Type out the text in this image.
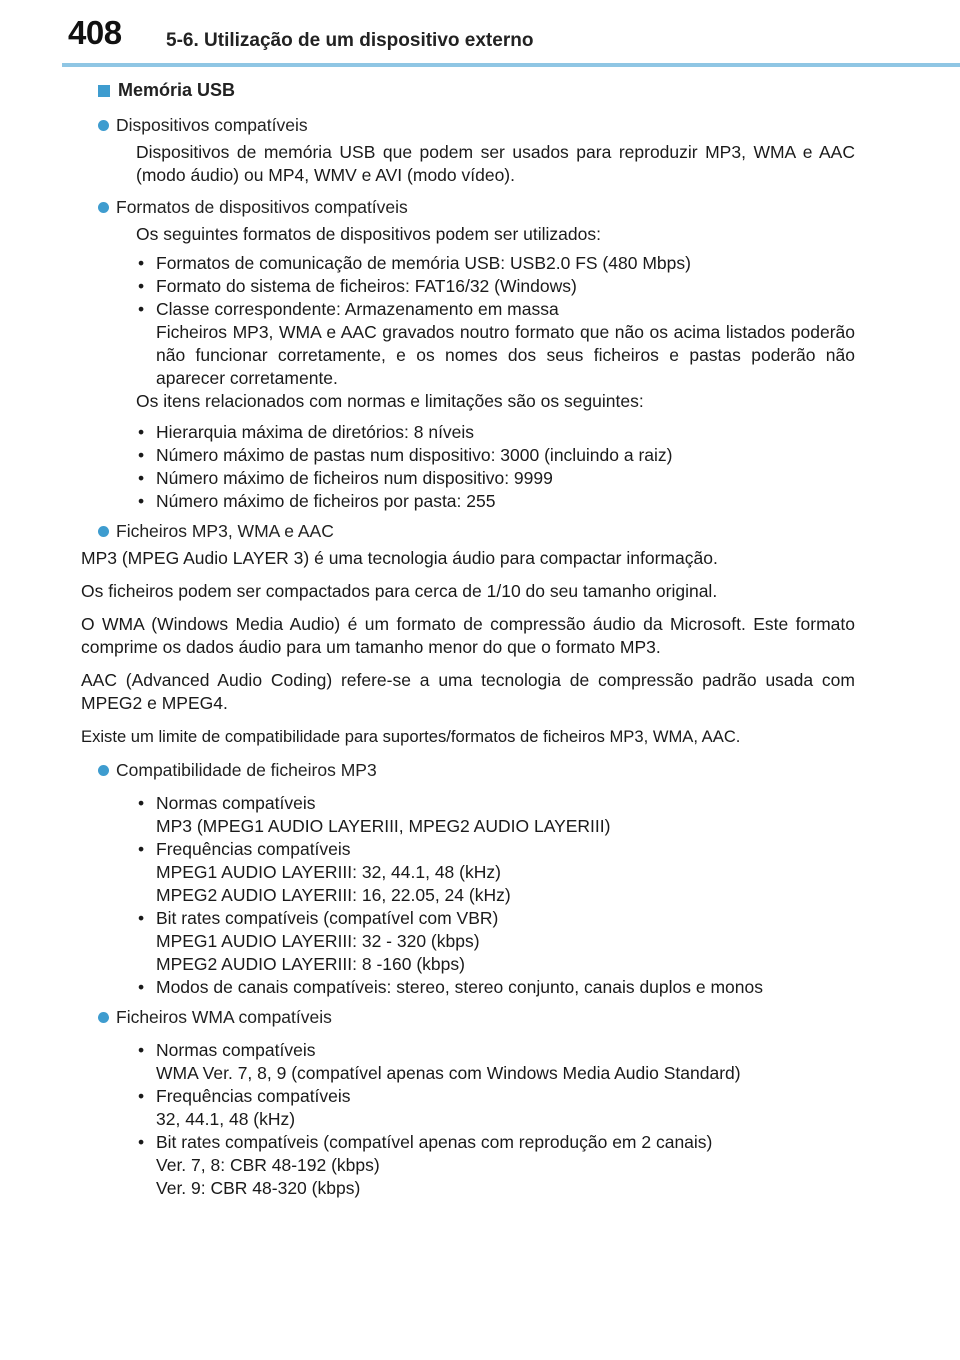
408 5-6. Utilização de um dispositivo externo
Memória USB
Dispositivos compatíveis

Dispositivos de memória USB que podem ser usados para reproduzir MP3, WMA e AAC (modo áudio) ou MP4, WMV e AVI (modo vídeo).

Formatos de dispositivos compatíveis

Os seguintes formatos de dispositivos podem ser utilizados:

• Formatos de comunicação de memória USB: USB2.0 FS (480 Mbps)
• Formato do sistema de ficheiros: FAT16/32 (Windows)
• Classe correspondente: Armazenamento em massa
Ficheiros MP3, WMA e AAC gravados noutro formato que não os acima listados poderão não funcionar corretamente, e os nomes dos seus ficheiros e pastas poderão não aparecer corretamente.

Os itens relacionados com normas e limitações são os seguintes:

• Hierarquia máxima de diretórios: 8 níveis
• Número máximo de pastas num dispositivo: 3000 (incluindo a raiz)
• Número máximo de ficheiros num dispositivo: 9999
• Número máximo de ficheiros por pasta: 255
Ficheiros MP3, WMA e AAC

MP3 (MPEG Audio LAYER 3) é uma tecnologia áudio para compactar informação.

Os ficheiros podem ser compactados para cerca de 1/10 do seu tamanho original.

O WMA (Windows Media Audio) é um formato de compressão áudio da Microsoft. Este formato comprime os dados áudio para um tamanho menor do que o formato MP3.

AAC (Advanced Audio Coding) refere-se a uma tecnologia de compressão padrão usada com MPEG2 e MPEG4.

Existe um limite de compatibilidade para suportes/formatos de ficheiros MP3, WMA, AAC.

Compatibilidade de ficheiros MP3
• Normas compatíveis
MP3 (MPEG1 AUDIO LAYERIII, MPEG2 AUDIO LAYERIII)
• Frequências compatíveis
MPEG1 AUDIO LAYERIII: 32, 44.1, 48 (kHz)
MPEG2 AUDIO LAYERIII: 16, 22.05, 24 (kHz)
• Bit rates compatíveis (compatível com VBR)
MPEG1 AUDIO LAYERIII: 32 - 320 (kbps)
MPEG2 AUDIO LAYERIII: 8 -160 (kbps)
• Modos de canais compatíveis: stereo, stereo conjunto, canais duplos e monos
Ficheiros WMA compatíveis
• Normas compatíveis
WMA Ver. 7, 8, 9 (compatível apenas com Windows Media Audio Standard)
• Frequências compatíveis
32, 44.1, 48 (kHz)
• Bit rates compatíveis (compatível apenas com reprodução em 2 canais)
Ver. 7, 8: CBR 48-192 (kbps)
Ver. 9: CBR 48-320 (kbps)
